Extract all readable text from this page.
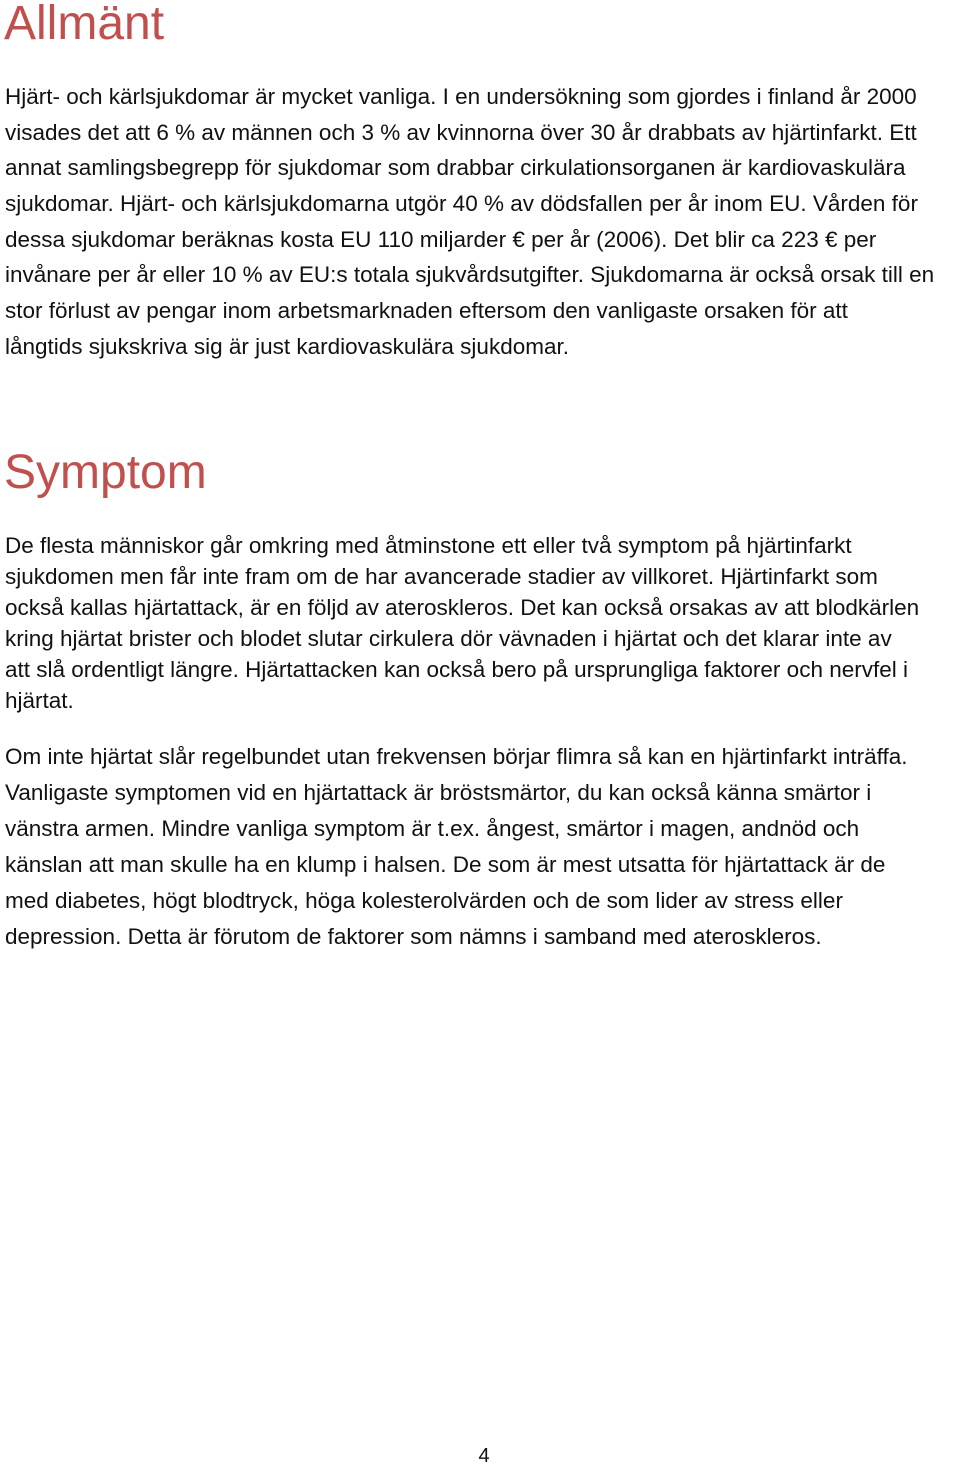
Allmänt
Hjärt- och kärlsjukdomar är mycket vanliga. I en undersökning som gjordes i finland år 2000
visades det att 6 % av männen och 3 % av kvinnorna över 30 år drabbats av hjärtinfarkt. Ett
annat samlingsbegrepp för sjukdomar som drabbar cirkulationsorganen är kardiovaskulära
sjukdomar. Hjärt- och kärlsjukdomarna utgör 40 % av dödsfallen per år inom EU. Vården för
dessa sjukdomar beräknas kosta EU 110 miljarder € per år (2006). Det blir ca 223 € per
invånare per år eller 10 % av EU:s totala sjukvårdsutgifter. Sjukdomarna är också orsak till en
stor förlust av pengar inom arbetsmarknaden eftersom den vanligaste orsaken för att
långtids sjukskriva sig är just kardiovaskulära sjukdomar.
Symptom
De flesta människor går omkring med åtminstone ett eller två symptom på hjärtinfarkt
sjukdomen men får inte fram om de har avancerade stadier av villkoret. Hjärtinfarkt som
också kallas hjärtattack, är en följd av ateroskleros. Det kan också orsakas av att blodkärlen
kring hjärtat brister och blodet slutar cirkulera dör vävnaden i hjärtat och det klarar inte av
att slå ordentligt längre. Hjärtattacken kan också bero på ursprungliga faktorer och nervfel i
hjärtat.
Om inte hjärtat slår regelbundet utan frekvensen börjar flimra så kan en hjärtinfarkt inträffa.
Vanligaste symptomen vid en hjärtattack är bröstsmärtor, du kan också känna smärtor i
vänstra armen. Mindre vanliga symptom är t.ex. ångest, smärtor i magen, andnöd och
känslan att man skulle ha en klump i halsen. De som är mest utsatta för hjärtattack är de
med diabetes, högt blodtryck, höga kolesterolvärden och de som lider av stress eller
depression. Detta är förutom de faktorer som nämns i samband med ateroskleros.
4
